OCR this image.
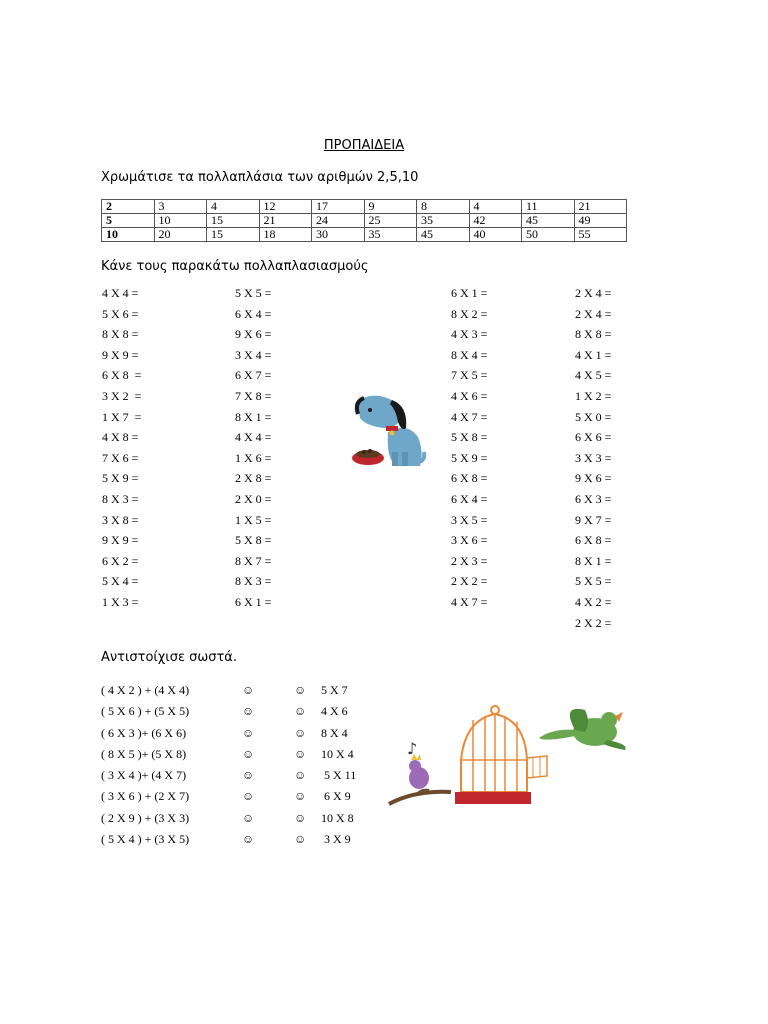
ΠΡΟΠΑΙΔΕΙΑ
Χρωμάτισε τα πολλαπλάσια των αριθμών 2,5,10
2	3	4	12	17	9	8	4	11	21
5	10	15	21	24	25	35	42	45	49
10	20	15	18	30	35	45	40	50	55
Κάνε τους παρακάτω πολλαπλασιασμούς
4 X 4 =
5 X 6 =
8 X 8 =
9 X 9 =
6 X 8  =
3 X 2  =
1 X 7  =
4 X 8 =
7 X 6 =
5 X 9 =
8 X 3 =
3 X 8 =
9 X 9 =
6 X 2 =
5 X 4 =
1 X 3 =
5 X 5 =
6 X 4 =
9 X 6 =
3 X 4 =
6 X 7 =
7 X 8 =
8 X 1 =
4 X 4 =
1 X 6 =
2 X 8 =
2 X 0 =
1 X 5 =
5 X 8 =
8 X 7 =
8 X 3 =
6 X 1 =
6 X 1 =
8 X 2 =
4 X 3 =
8 X 4 =
7 X 5 =
4 X 6 =
4 X 7 =
5 X 8 =
5 X 9 =
6 X 8 =
6 X 4 =
3 X 5 =
3 X 6 =
2 X 3 =
2 X 2 =
4 X 7 =
2 X 4 =
2 X 4 =
8 X 8 =
4 X 1 =
4 X 5 =
1 X 2 =
5 X 0 =
6 X 6 =
3 X 3 =
9 X 6 =
6 X 3 =
9 X 7 =
6 X 8 =
8 X 1 =
5 X 5 =
4 X 2 =
2 X 2 =
Αντιστοίχισε σωστά.
( 4 X 2 ) + (4 X 4)	☺	☺ 5 X 7
( 5 X 6 ) + (5 X 5)	☺	☺ 4 X 6
( 6 X 3 )+ (6 X 6)	☺	☺ 8 X 4
( 8 X 5 )+ (5 X 8)	☺	☺ 10 X 4
( 3 X 4 )+ (4 X 7)	☺	☺ 5 X 11
( 3 X 6 ) + (2 X 7)	☺	☺ 6 X 9
( 2 X 9 ) + (3 X 3)	☺	☺ 10 X 8
( 5 X 4 ) + (3 X 5)	☺	☺ 3 X 9
♪
